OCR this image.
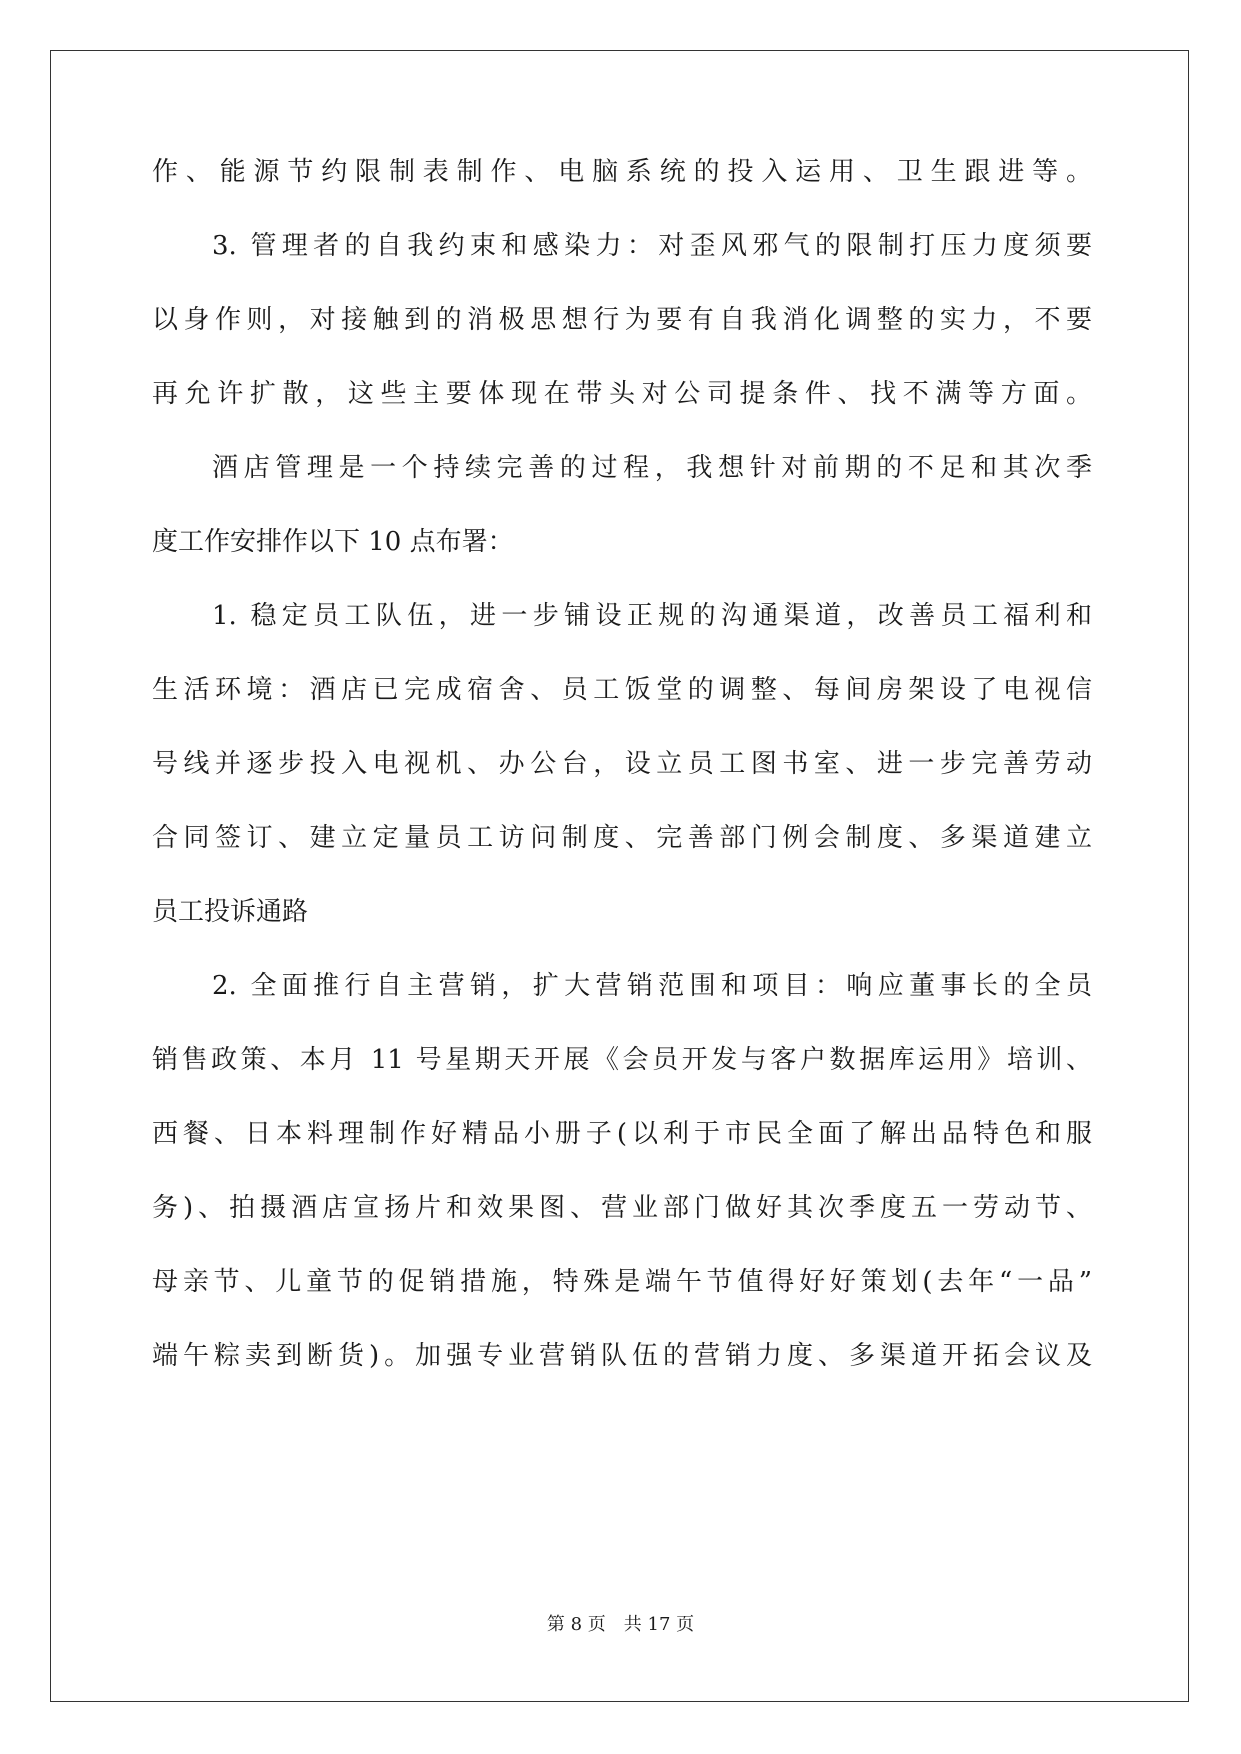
作、能源节约限制表制作、电脑系统的投入运用、卫生跟进等。
3. 管理者的自我约束和感染力：对歪风邪气的限制打压力度须要
以身作则，对接触到的消极思想行为要有自我消化调整的实力，不要
再允许扩散，这些主要体现在带头对公司提条件、找不满等方面。
酒店管理是一个持续完善的过程，我想针对前期的不足和其次季
度工作安排作以下 10 点布署：
1. 稳定员工队伍，进一步铺设正规的沟通渠道，改善员工福利和
生活环境：酒店已完成宿舍、员工饭堂的调整、每间房架设了电视信
号线并逐步投入电视机、办公台，设立员工图书室、进一步完善劳动
合同签订、建立定量员工访问制度、完善部门例会制度、多渠道建立
员工投诉通路
2. 全面推行自主营销，扩大营销范围和项目：响应董事长的全员
销售政策、本月 11 号星期天开展《会员开发与客户数据库运用》培训、
西餐、日本料理制作好精品小册子(以利于市民全面了解出品特色和服
务)、拍摄酒店宣扬片和效果图、营业部门做好其次季度五一劳动节、
母亲节、儿童节的促销措施，特殊是端午节值得好好策划(去年“一品”
端午粽卖到断货)。加强专业营销队伍的营销力度、多渠道开拓会议及
第 8 页　共 17 页
